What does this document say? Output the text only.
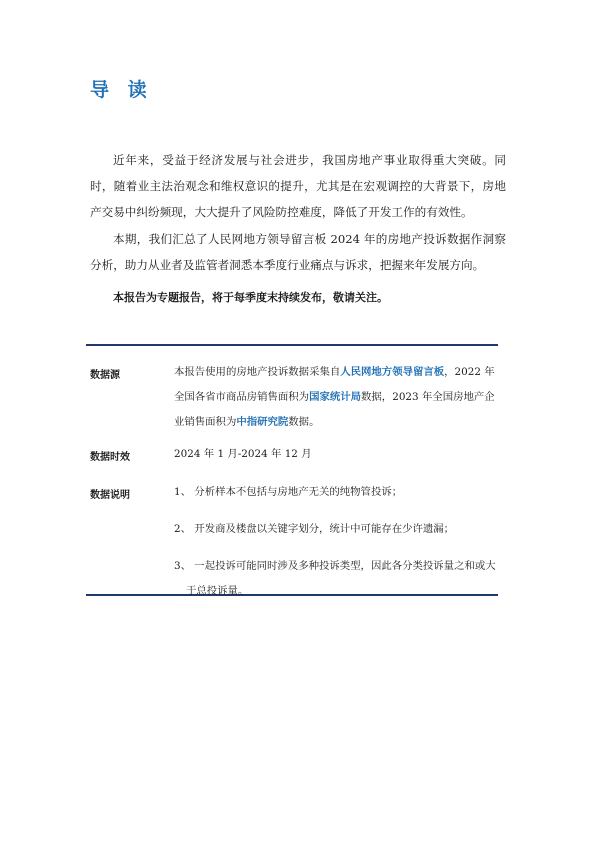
导 读

近年来，受益于经济发展与社会进步，我国房地产事业取得重大突破。同时，随着业主法治观念和维权意识的提升，尤其是在宏观调控的大背景下，房地产交易中纠纷频现，大大提升了风险防控难度，降低了开发工作的有效性。

本期，我们汇总了人民网地方领导留言板 2024 年的房地产投诉数据作洞察分析，助力从业者及监管者洞悉本季度行业痛点与诉求，把握来年发展方向。

本报告为专题报告，将于每季度末持续发布，敬请关注。

数据源	本报告使用的房地产投诉数据采集自人民网地方领导留言板，2022 年全国各省市商品房销售面积为国家统计局数据，2023 年全国房地产企业销售面积为中指研究院数据。
数据时效	2024 年 1 月-2024 年 12 月
数据说明	1、 分析样本不包括与房地产无关的纯物管投诉；
2、 开发商及楼盘以关键字划分，统计中可能存在少许遗漏；
3、 一起投诉可能同时涉及多种投诉类型，因此各分类投诉量之和或大于总投诉量。
